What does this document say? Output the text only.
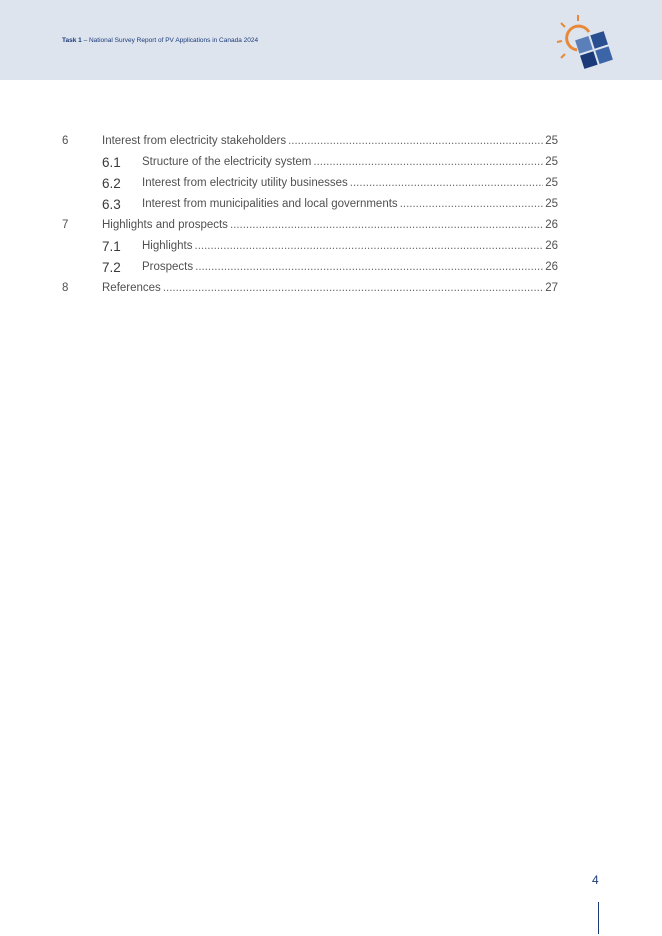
Task 1 – National Survey Report of PV Applications in Canada 2024
6	Interest from electricity stakeholders .....	25
6.1 Structure of the electricity system .....	25
6.2 Interest from electricity utility businesses .....	25
6.3 Interest from municipalities and local governments .....	25
7	Highlights and prospects .....	26
7.1 Highlights .....	26
7.2 Prospects .....	26
8	References .....	27
4
